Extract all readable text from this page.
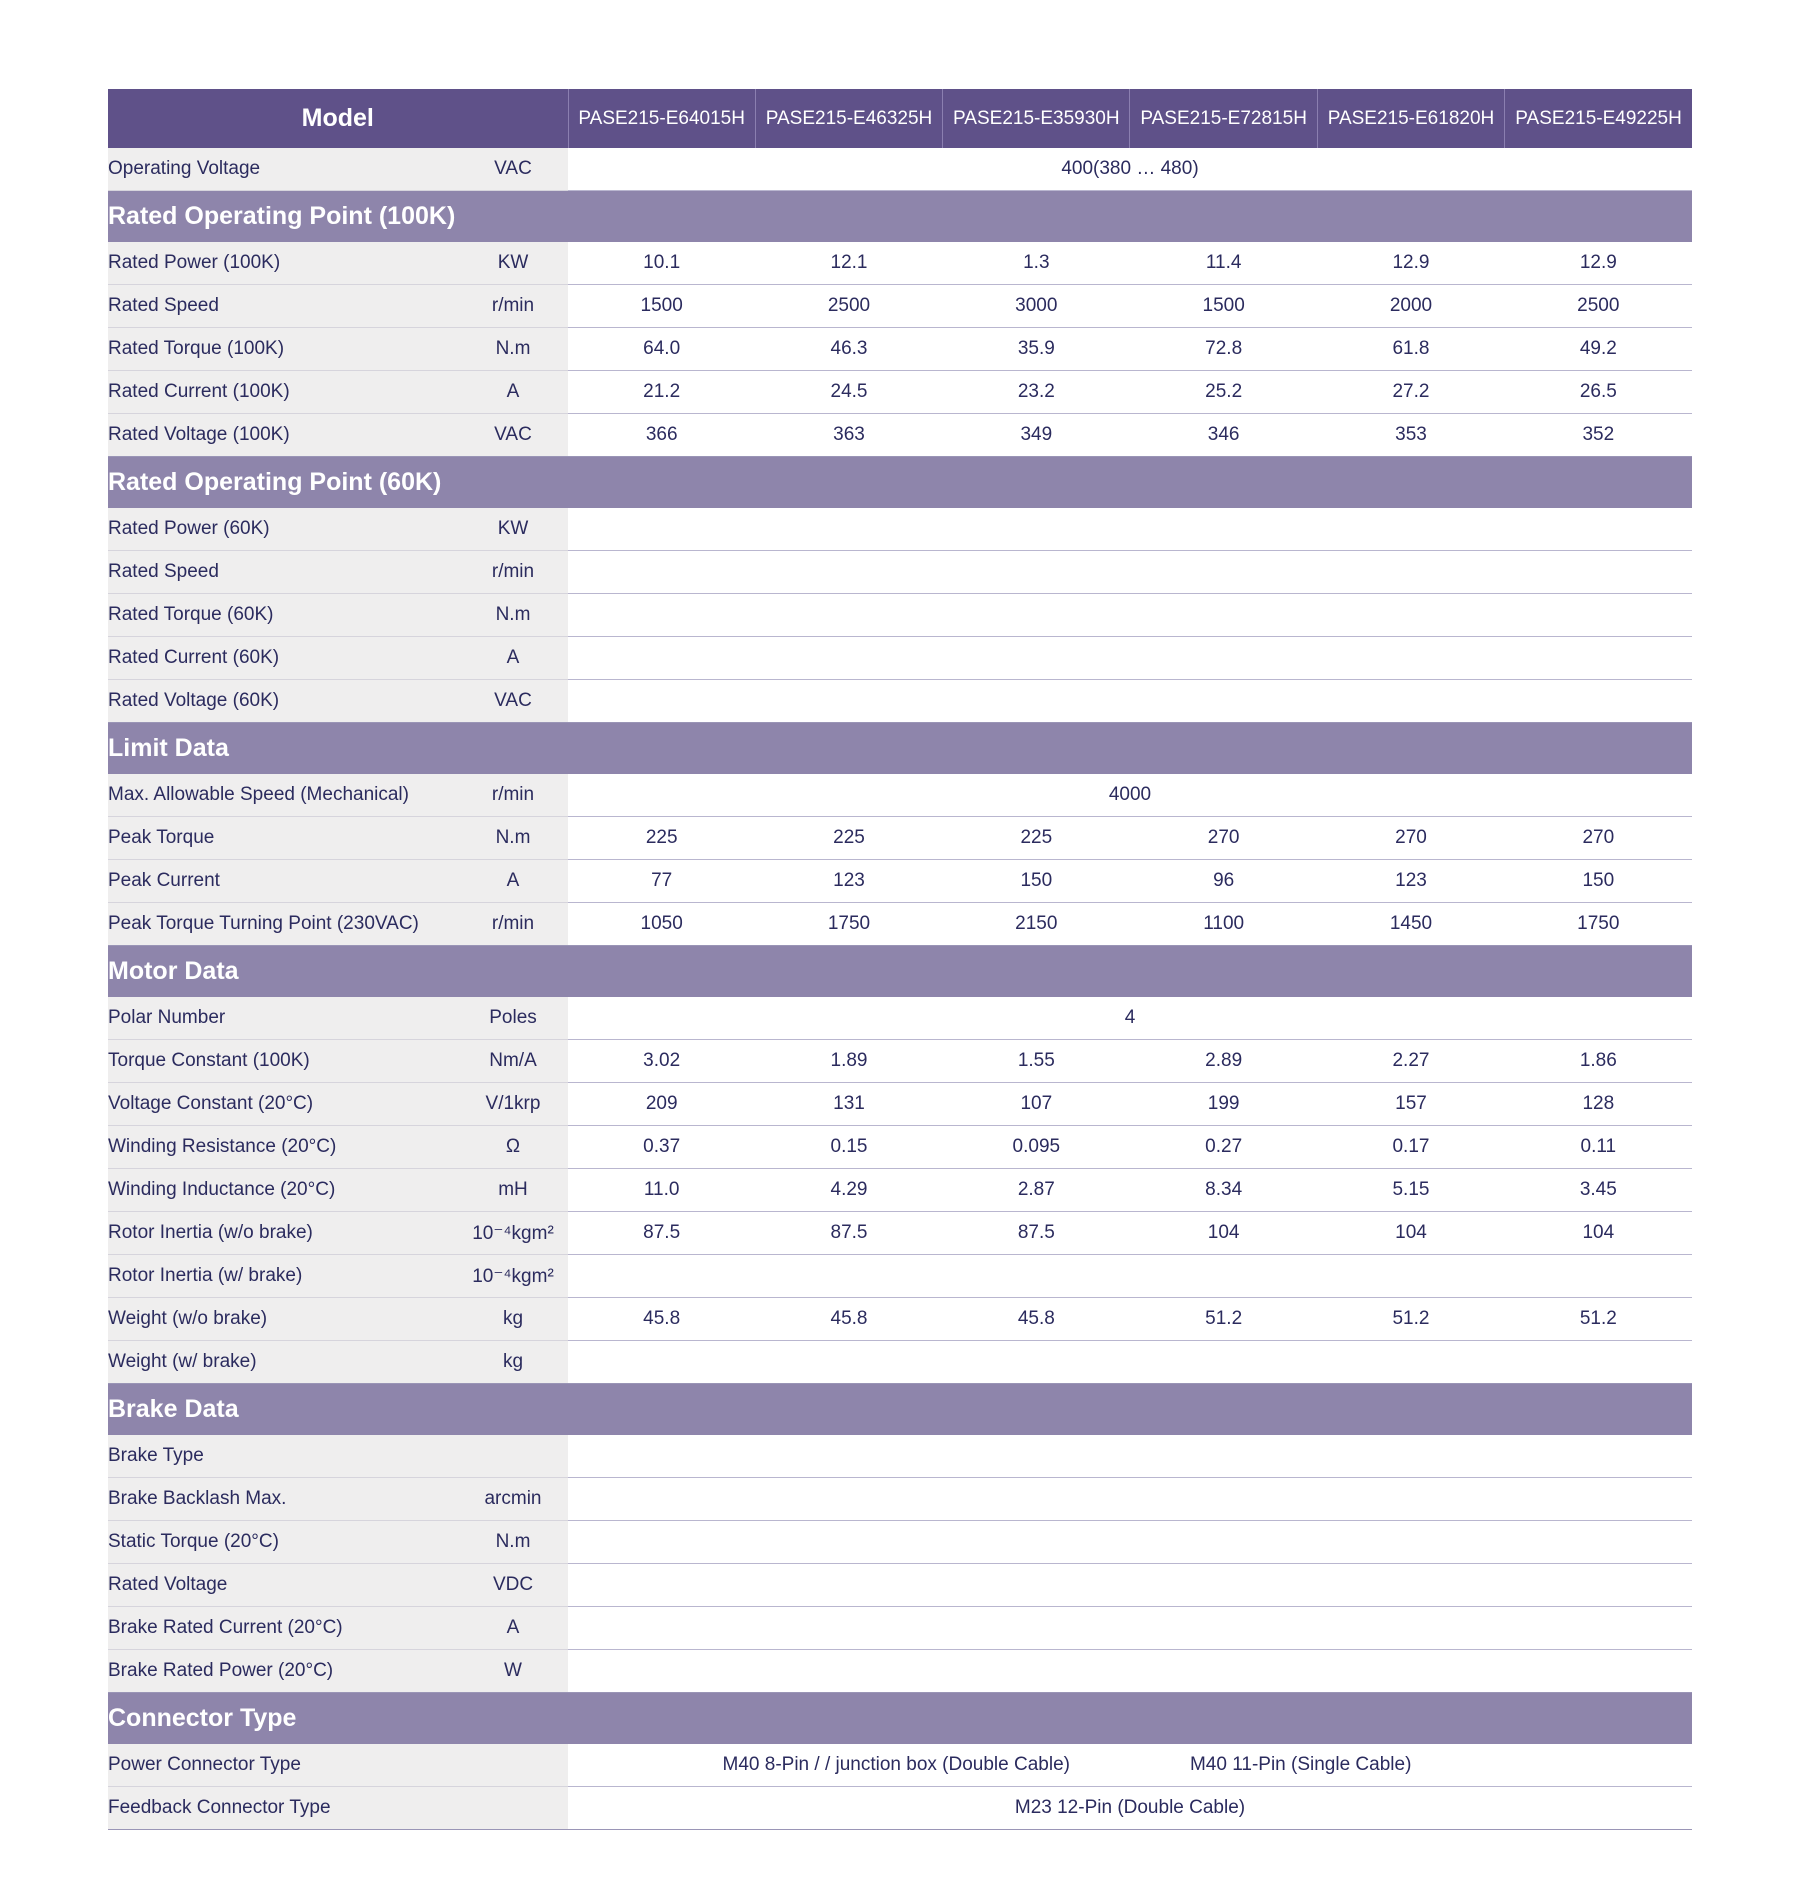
Model		PASE215-E64015H	PASE215-E46325H	PASE215-E35930H	PASE215-E72815H	PASE215-E61820H	PASE215-E49225H
Operating Voltage	VAC	400(380 … 480)					
Rated Operating Point (100K)							
Rated Power (100K)	KW	10.1	12.1	1.3	11.4	12.9	12.9
Rated Speed	r/min	1500	2500	3000	1500	2000	2500
Rated Torque (100K)	N.m	64.0	46.3	35.9	72.8	61.8	49.2
Rated Current (100K)	A	21.2	24.5	23.2	25.2	27.2	26.5
Rated Voltage (100K)	VAC	366	363	349	346	353	352
Rated Operating Point (60K)							
Rated Power (60K)	KW						
Rated Speed	r/min						
Rated Torque (60K)	N.m						
Rated Current (60K)	A						
Rated Voltage (60K)	VAC						
Limit Data							
Max. Allowable Speed (Mechanical)	r/min	4000					
Peak Torque	N.m	225	225	225	270	270	270
Peak Current	A	77	123	150	96	123	150
Peak Torque Turning Point (230VAC)	r/min	1050	1750	2150	1100	1450	1750
Motor Data							
Polar Number	Poles	4					
Torque Constant (100K)	Nm/A	3.02	1.89	1.55	2.89	2.27	1.86
Voltage Constant (20°C)	V/1krp	209	131	107	199	157	128
Winding Resistance (20°C)	Ω	0.37	0.15	0.095	0.27	0.17	0.11
Winding Inductance (20°C)	mH	11.0	4.29	2.87	8.34	5.15	3.45
Rotor Inertia (w/o brake)	10⁻⁴kgm²	87.5	87.5	87.5	104	104	104
Rotor Inertia (w/ brake)	10⁻⁴kgm²						
Weight (w/o brake)	kg	45.8	45.8	45.8	51.2	51.2	51.2
Weight (w/ brake)	kg						
Brake Data							
Brake Type							
Brake Backlash Max.	arcmin						
Static Torque (20°C)	N.m						
Rated Voltage	VDC						
Brake Rated Current (20°C)	A						
Brake Rated Power (20°C)	W						
Connector Type							
Power Connector Type		M40 8-Pin / / junction box (Double Cable)			M40 11-Pin (Single Cable)		
Feedback Connector Type		M23 12-Pin (Double Cable)					
